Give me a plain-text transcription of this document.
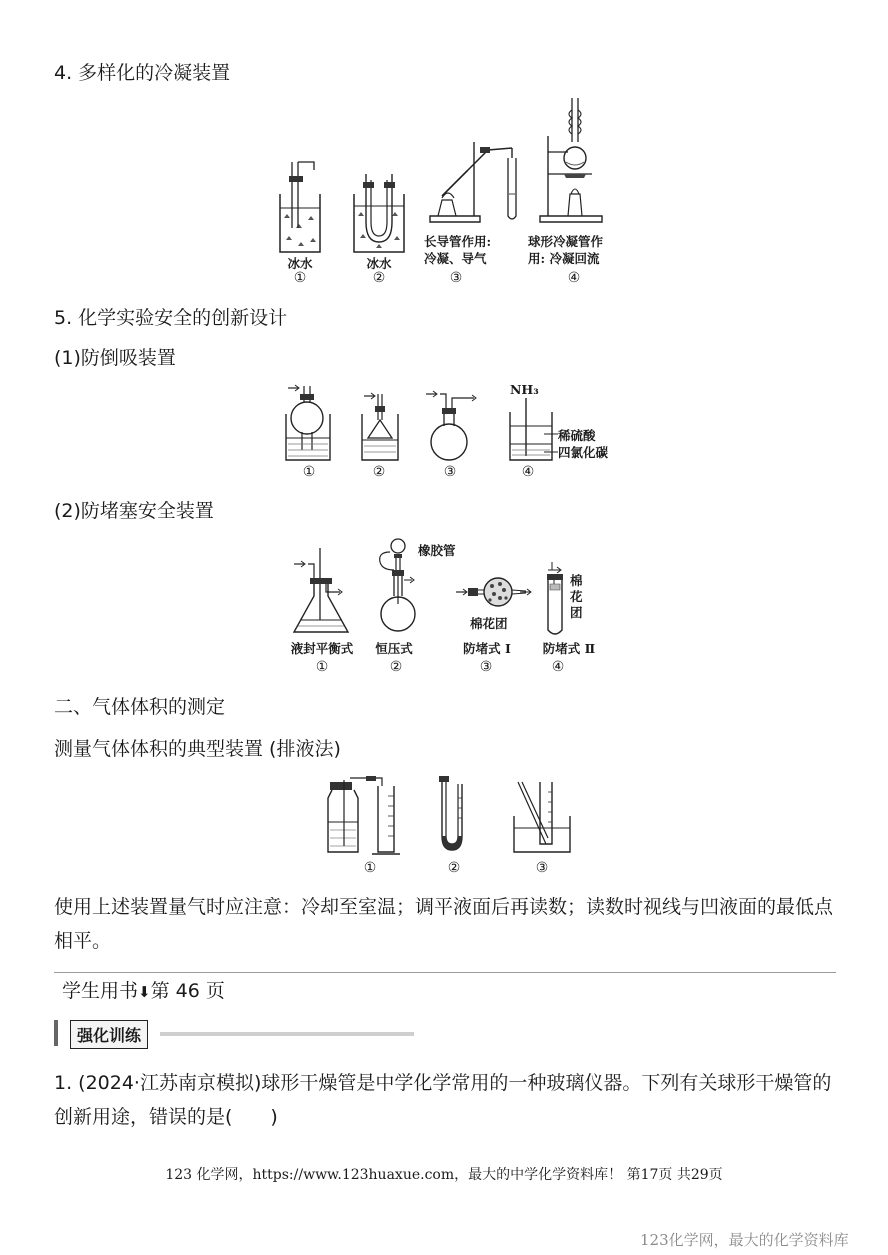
4. 多样化的冷凝装置
冰水
①
冰水
②
长导管作用:
冷凝、导气
③
球形冷凝管作
用: 冷凝回流
④
5. 化学实验安全的创新设计
(1)防倒吸装置
①	②	③
NH₃
稀硫酸
四氯化碳
④
(2)防堵塞安全装置
液封平衡式
①
橡胶管
恒压式
②
棉花团
防堵式 Ⅰ
③
棉
花
团
防堵式 Ⅱ
④
二、气体体积的测定
测量气体体积的典型装置 (排液法)
①	②	③
使用上述装置量气时应注意：冷却至室温；调平液面后再读数；读数时视线与凹液面的最低点相平。
学生用书⬇第 46 页
强化训练
1. (2024·江苏南京模拟)球形干燥管是中学化学常用的一种玻璃仪器。下列有关球形干燥管的创新用途，错误的是(　　)
123 化学网，https://www.123huaxue.com，最大的中学化学资料库！ 第17页 共29页
123化学网，最大的化学资料库
